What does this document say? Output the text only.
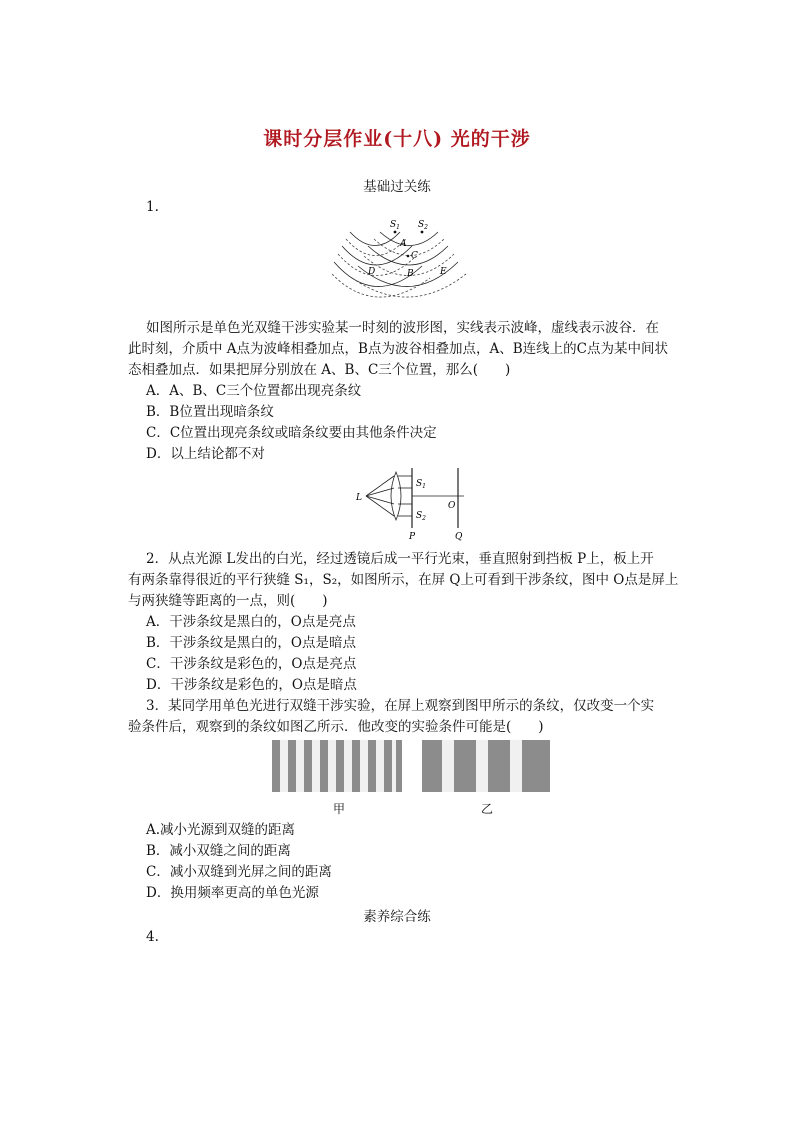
课时分层作业(十八) 光的干涉
基础过关练
1.
$S_1$ $S_2$
A
C
D	B	E
如图所示是单色光双缝干涉实验某一时刻的波形图，实线表示波峰，虚线表示波谷．在
此时刻，介质中 A点为波峰相叠加点，B点为波谷相叠加点，A、B连线上的C点为某中间状
态相叠加点．如果把屏分别放在 A、B、C三个位置，那么(　　)
A．A、B、C三个位置都出现亮条纹
B．B位置出现暗条纹
C．C位置出现亮条纹或暗条纹要由其他条件决定
D．以上结论都不对
L
$S_1$
$S_2$
O
P	Q
2．从点光源 L发出的白光，经过透镜后成一平行光束，垂直照射到挡板 P上，板上开
有两条靠得很近的平行狭缝 S₁，S₂，如图所示，在屏 Q上可看到干涉条纹，图中 O点是屏上
与两狭缝等距离的一点，则(　　)
A．干涉条纹是黑白的，O点是亮点
B．干涉条纹是黑白的，O点是暗点
C．干涉条纹是彩色的，O点是亮点
D．干涉条纹是彩色的，O点是暗点
3．某同学用单色光进行双缝干涉实验，在屏上观察到图甲所示的条纹，仅改变一个实
验条件后，观察到的条纹如图乙所示．他改变的实验条件可能是(　　)
甲	乙
A.减小光源到双缝的距离
B．减小双缝之间的距离
C．减小双缝到光屏之间的距离
D．换用频率更高的单色光源
素养综合练
4.
